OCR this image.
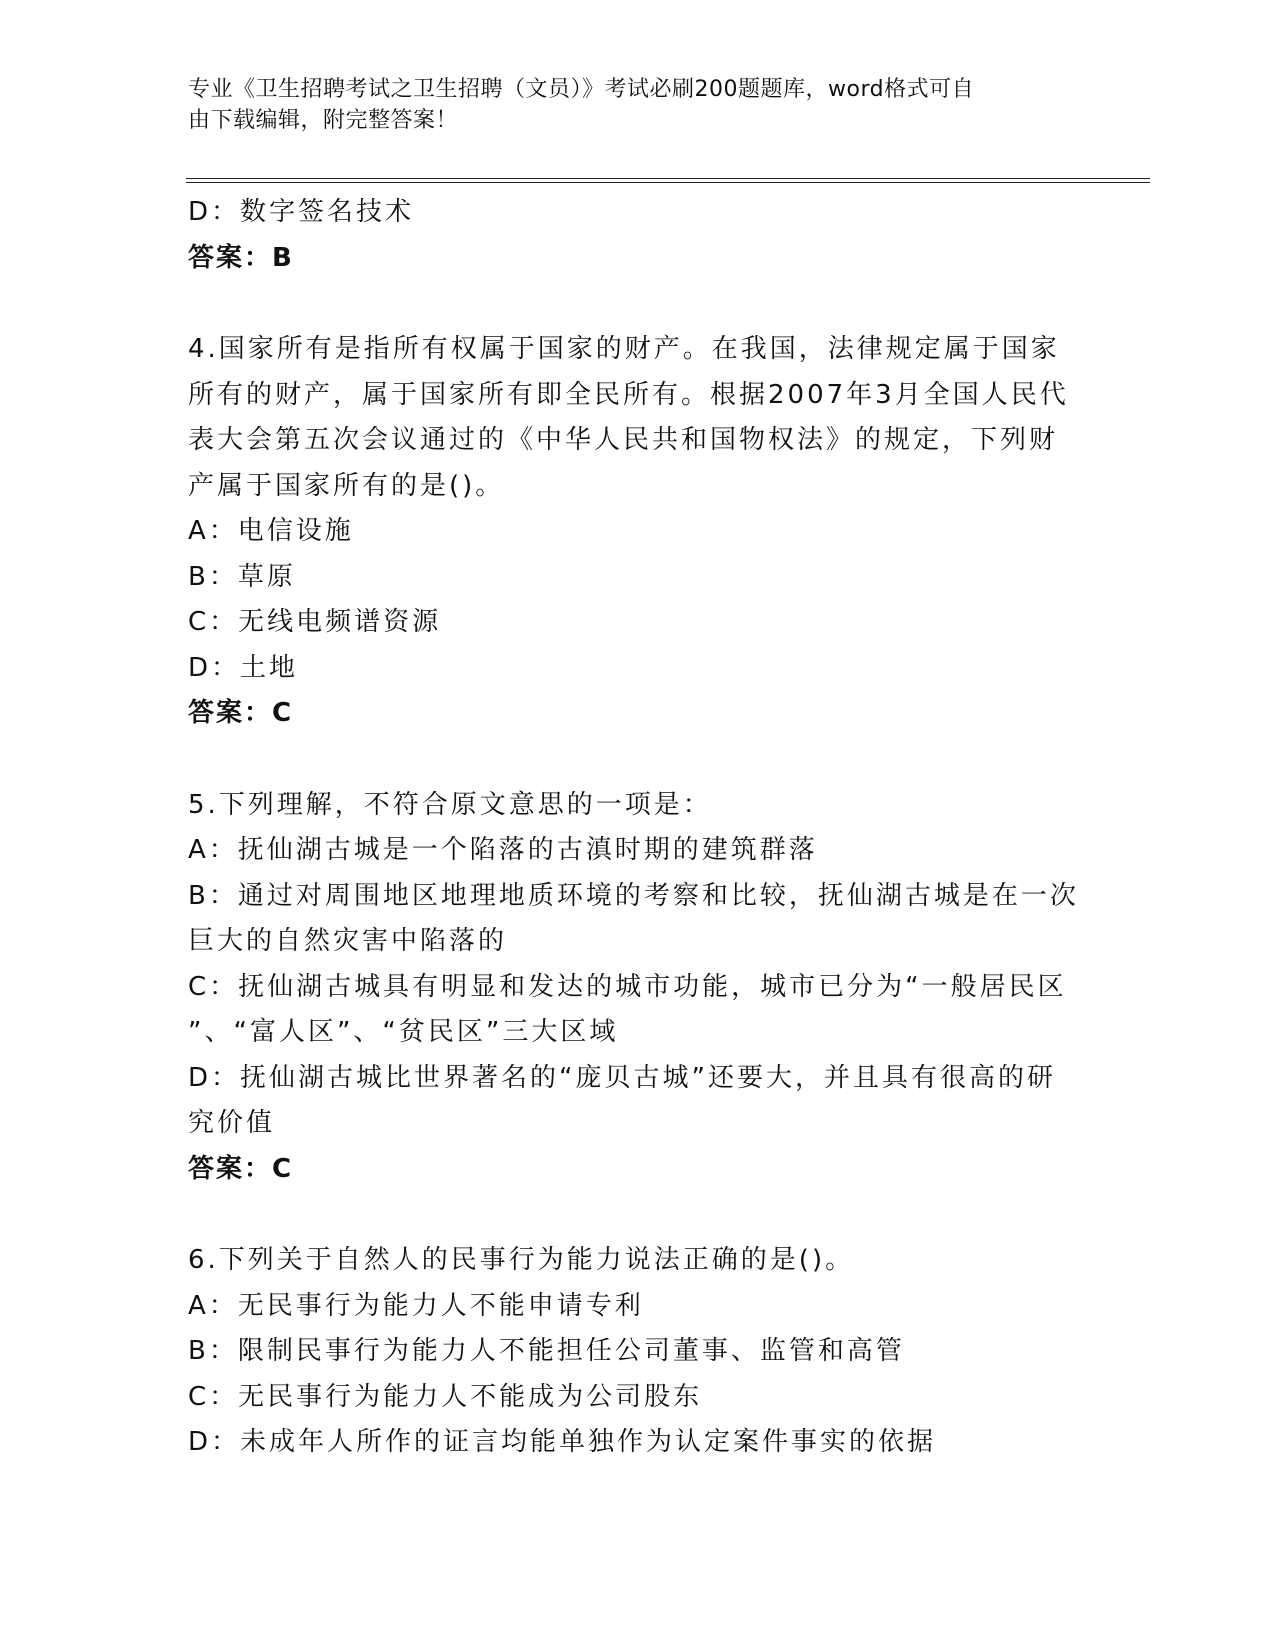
专业《卫生招聘考试之卫生招聘（文员）》考试必刷200题题库，word格式可自
由下载编辑，附完整答案！
D：数字签名技术
答案：B
4.国家所有是指所有权属于国家的财产。在我国，法律规定属于国家
所有的财产，属于国家所有即全民所有。根据2007年3月全国人民代
表大会第五次会议通过的《中华人民共和国物权法》的规定，下列财
产属于国家所有的是()。
A：电信设施
B：草原
C：无线电频谱资源
D：土地
答案：C
5.下列理解，不符合原文意思的一项是：
A：抚仙湖古城是一个陷落的古滇时期的建筑群落
B：通过对周围地区地理地质环境的考察和比较，抚仙湖古城是在一次
巨大的自然灾害中陷落的
C：抚仙湖古城具有明显和发达的城市功能，城市已分为“一般居民区
”、“富人区”、“贫民区”三大区域
D：抚仙湖古城比世界著名的“庞贝古城”还要大，并且具有很高的研
究价值
答案：C
6.下列关于自然人的民事行为能力说法正确的是()。
A：无民事行为能力人不能申请专利
B：限制民事行为能力人不能担任公司董事、监管和高管
C：无民事行为能力人不能成为公司股东
D：未成年人所作的证言均能单独作为认定案件事实的依据
